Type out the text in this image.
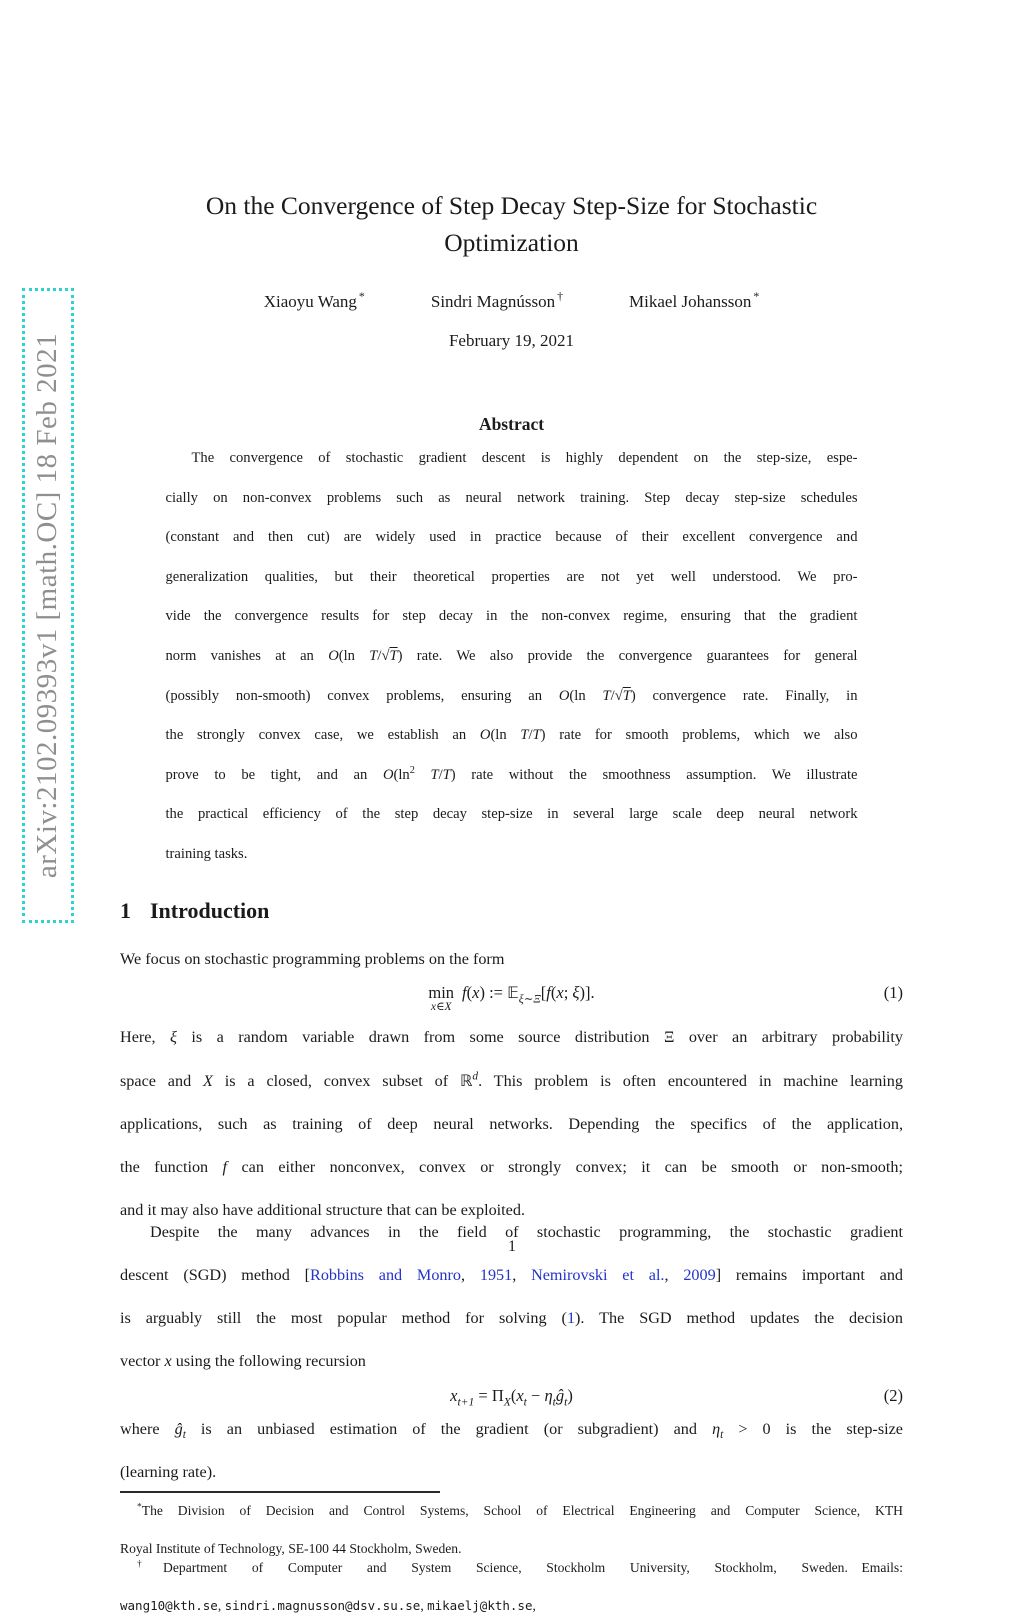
arXiv:2102.09393v1 [math.OC] 18 Feb 2021
On the Convergence of Step Decay Step-Size for Stochastic
Optimization
Xiaoyu Wang *	Sindri Magnússon †	Mikael Johansson *
February 19, 2021
Abstract
The convergence of stochastic gradient descent is highly dependent on the step-size, espe-
cially on non-convex problems such as neural network training. Step decay step-size schedules
(constant and then cut) are widely used in practice because of their excellent convergence and
generalization qualities, but their theoretical properties are not yet well understood. We pro-
vide the convergence results for step decay in the non-convex regime, ensuring that the gradient
norm vanishes at an O(ln T/√T) rate. We also provide the convergence guarantees for general
(possibly non-smooth) convex problems, ensuring an O(ln T/√T) convergence rate. Finally, in
the strongly convex case, we establish an O(ln T/T) rate for smooth problems, which we also
prove to be tight, and an $O(\ln^2$ T/T) rate without the smoothness assumption. We illustrate
the practical efficiency of the step decay step-size in several large scale deep neural network
training tasks.
1 Introduction
We focus on stochastic programming problems on the form
min
x∈X
f(x) := 𝔼$_{\xi\sim\Xi}$[f(x; ξ)].	(1)
Here, ξ is a random variable drawn from some source distribution Ξ over an arbitrary probability
space and X is a closed, convex subset of ℝ$^d$. This problem is often encountered in machine learning
applications, such as training of deep neural networks. Depending the specifics of the application,
the function f can either nonconvex, convex or strongly convex; it can be smooth or non-smooth;
and it may also have additional structure that can be exploited.
Despite the many advances in the field of stochastic programming, the stochastic gradient
descent (SGD) method [Robbins and Monro, 1951, Nemirovski et al., 2009] remains important and
is arguably still the most popular method for solving (1). The SGD method updates the decision
vector x using the following recursion
$x_{t+1} = \Pi_X(x_t$ − $\eta_tĝ_t$)	(2)
where $ĝ_t$ is an unbiased estimation of the gradient (or subgradient) and $\eta_t > 0$ is the step-size
(learning rate).
*The Division of Decision and Control Systems, School of Electrical Engineering and Computer Science, KTH
Royal Institute of Technology, SE-100 44 Stockholm, Sweden.
†Department of Computer and System Science, Stockholm University, Stockholm, Sweden.  Emails:
wang10@kth.se, sindri.magnusson@dsv.su.se, mikaelj@kth.se,
1
